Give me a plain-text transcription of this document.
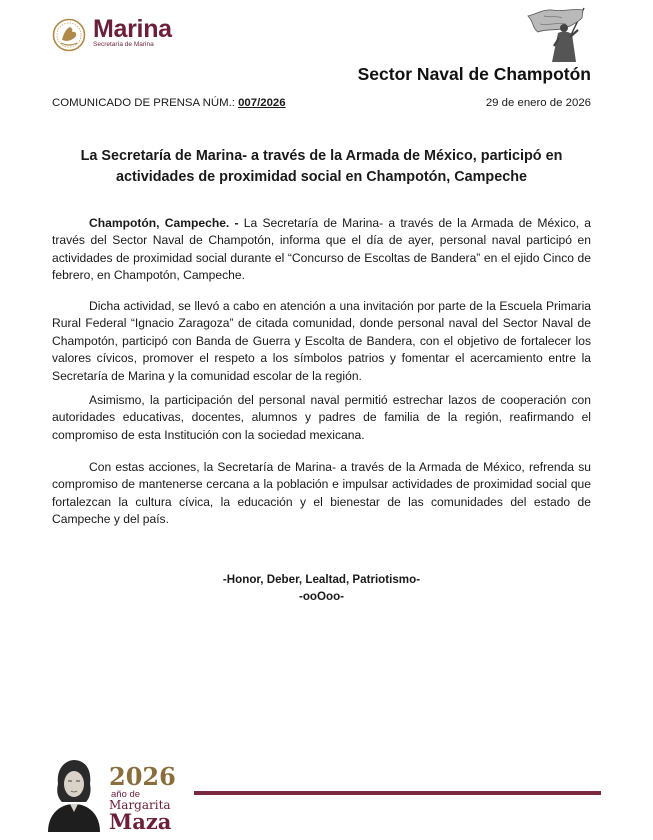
Marina
Secretaría de Marina
Sector Naval de Champotón
COMUNICADO DE PRENSA NÚM.: 007/2026	29 de enero de 2026
La Secretaría de Marina- a través de la Armada de México, participó en actividades de proximidad social en Champotón, Campeche
Champotón, Campeche. - La Secretaría de Marina- a través de la Armada de México, a través del Sector Naval de Champotón, informa que el día de ayer, personal naval participó en actividades de proximidad social durante el “Concurso de Escoltas de Bandera” en el ejido Cinco de febrero, en Champotón, Campeche.
Dicha actividad, se llevó a cabo en atención a una invitación por parte de la Escuela Primaria Rural Federal “Ignacio Zaragoza” de citada comunidad, donde personal naval del Sector Naval de Champotón, participó con Banda de Guerra y Escolta de Bandera, con el objetivo de fortalecer los valores cívicos, promover el respeto a los símbolos patrios y fomentar el acercamiento entre la Secretaría de Marina y la comunidad escolar de la región.
Asimismo, la participación del personal naval permitió estrechar lazos de cooperación con autoridades educativas, docentes, alumnos y padres de familia de la región, reafirmando el compromiso de esta Institución con la sociedad mexicana.
Con estas acciones, la Secretaría de Marina- a través de la Armada de México, refrenda su compromiso de mantenerse cercana a la población e impulsar actividades de proximidad social que fortalezcan la cultura cívica, la educación y el bienestar de las comunidades del estado de Campeche y del país.
-Honor, Deber, Lealtad, Patriotismo-
-ooOoo-
2026
año de
Margarita
Maza
